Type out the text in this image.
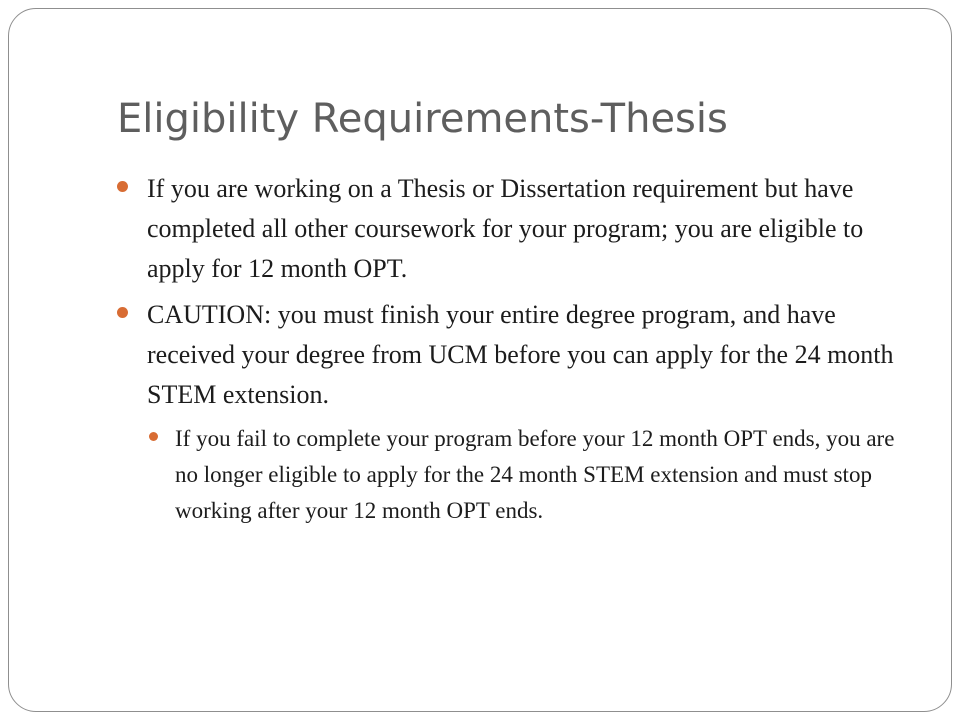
Eligibility Requirements-Thesis
If you are working on a Thesis or Dissertation requirement but have completed all other coursework for your program; you are eligible to apply for 12 month OPT.
CAUTION: you must finish your entire degree program, and have received your degree from UCM before you can apply for the 24 month STEM extension.
If you fail to complete your program before your 12 month OPT ends, you are no longer eligible to apply for the 24 month STEM extension and must stop working after your 12 month OPT ends.
